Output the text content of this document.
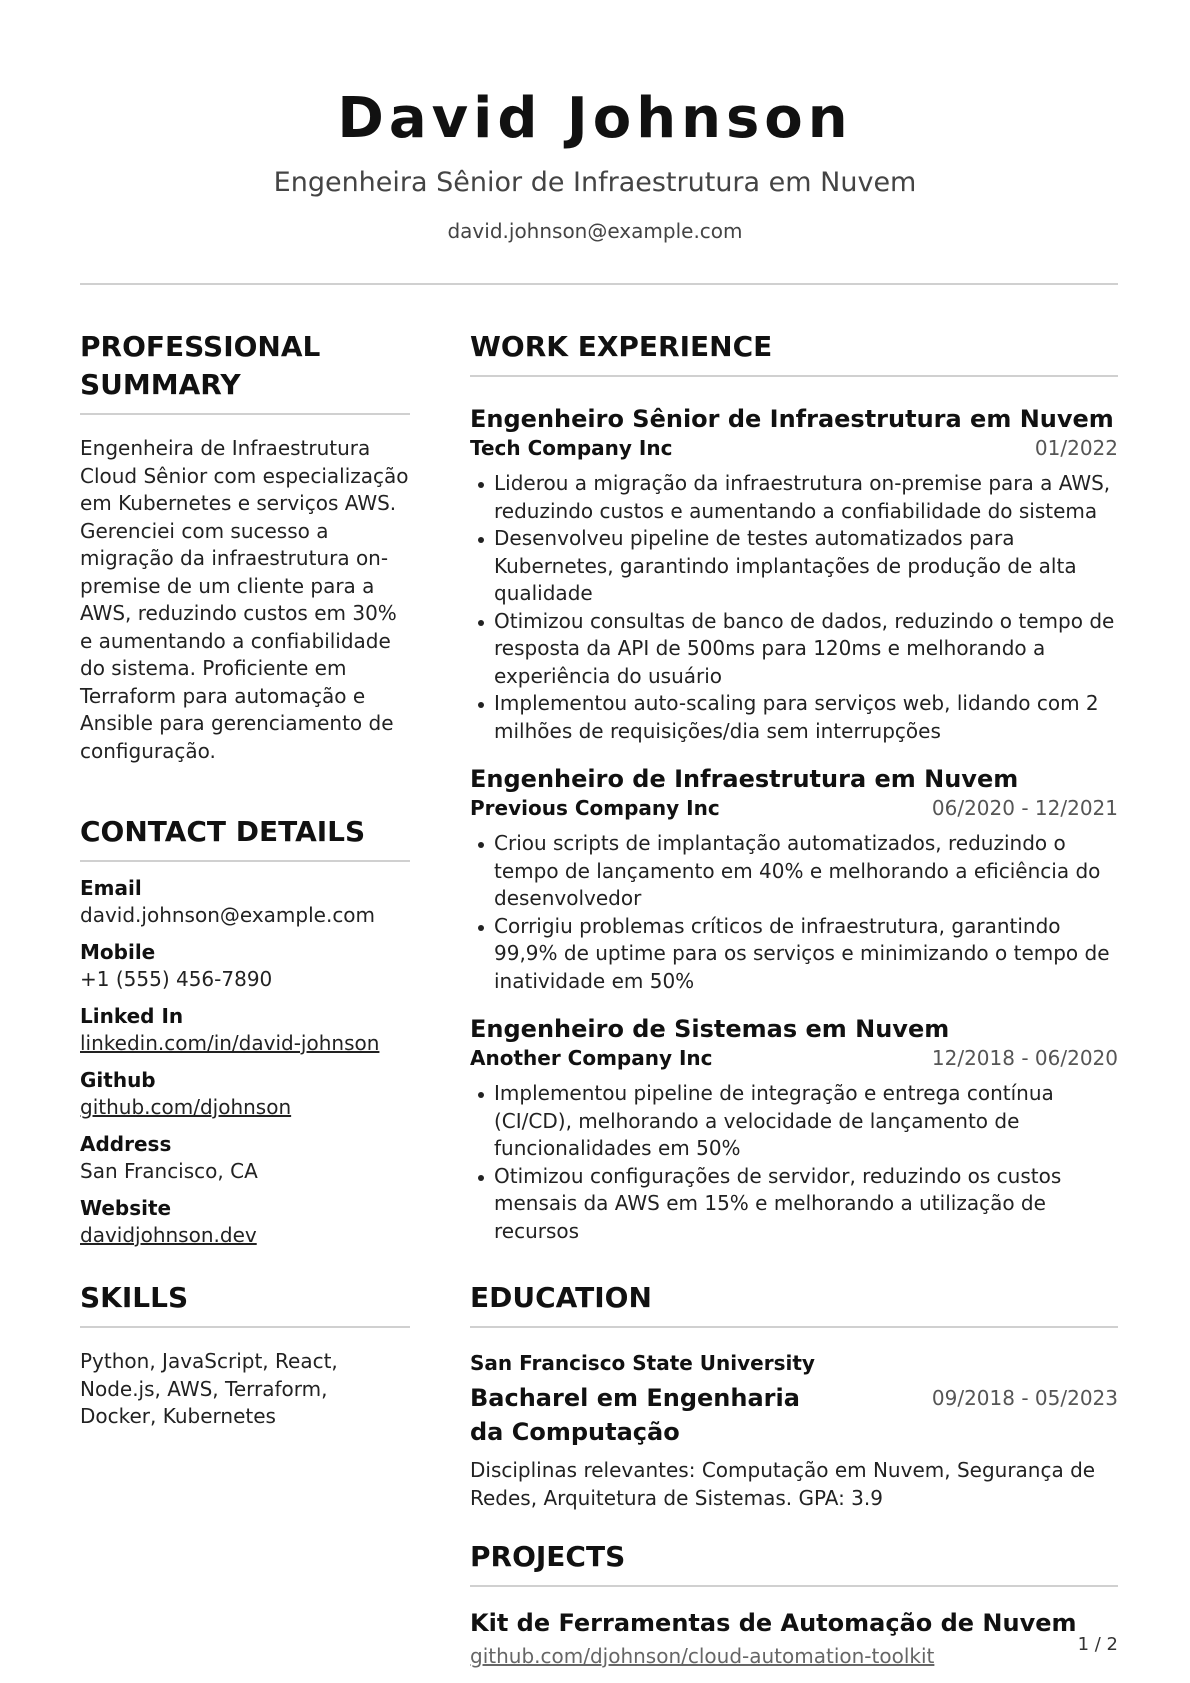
David Johnson
Engenheira Sênior de Infraestrutura em Nuvem
david.johnson@example.com
PROFESSIONAL SUMMARY
Engenheira de Infraestrutura Cloud Sênior com especialização em Kubernetes e serviços AWS. Gerenciei com sucesso a migração da infraestrutura on-premise de um cliente para a AWS, reduzindo custos em 30% e aumentando a confiabilidade do sistema. Proficiente em Terraform para automação e Ansible para gerenciamento de configuração.
CONTACT DETAILS
Email
david.johnson@example.com
Mobile
+1 (555) 456-7890
Linked In
linkedin.com/in/david-johnson
Github
github.com/djohnson
Address
San Francisco, CA
Website
davidjohnson.dev
SKILLS
Python, JavaScript, React, Node.js, AWS, Terraform, Docker, Kubernetes
WORK EXPERIENCE
Engenheiro Sênior de Infraestrutura em Nuvem
Tech Company Inc	01/2022
Liderou a migração da infraestrutura on-premise para a AWS, reduzindo custos e aumentando a confiabilidade do sistema
Desenvolveu pipeline de testes automatizados para Kubernetes, garantindo implantações de produção de alta qualidade
Otimizou consultas de banco de dados, reduzindo o tempo de resposta da API de 500ms para 120ms e melhorando a experiência do usuário
Implementou auto-scaling para serviços web, lidando com 2 milhões de requisições/dia sem interrupções
Engenheiro de Infraestrutura em Nuvem
Previous Company Inc	06/2020 - 12/2021
Criou scripts de implantação automatizados, reduzindo o tempo de lançamento em 40% e melhorando a eficiência do desenvolvedor
Corrigiu problemas críticos de infraestrutura, garantindo 99,9% de uptime para os serviços e minimizando o tempo de inatividade em 50%
Engenheiro de Sistemas em Nuvem
Another Company Inc	12/2018 - 06/2020
Implementou pipeline de integração e entrega contínua (CI/CD), melhorando a velocidade de lançamento de funcionalidades em 50%
Otimizou configurações de servidor, reduzindo os custos mensais da AWS em 15% e melhorando a utilização de recursos
EDUCATION
San Francisco State University
Bacharel em Engenharia da Computação
09/2018 - 05/2023
Disciplinas relevantes: Computação em Nuvem, Segurança de Redes, Arquitetura de Sistemas. GPA: 3.9
PROJECTS
Kit de Ferramentas de Automação de Nuvem
github.com/djohnson/cloud-automation-toolkit	1 / 2
